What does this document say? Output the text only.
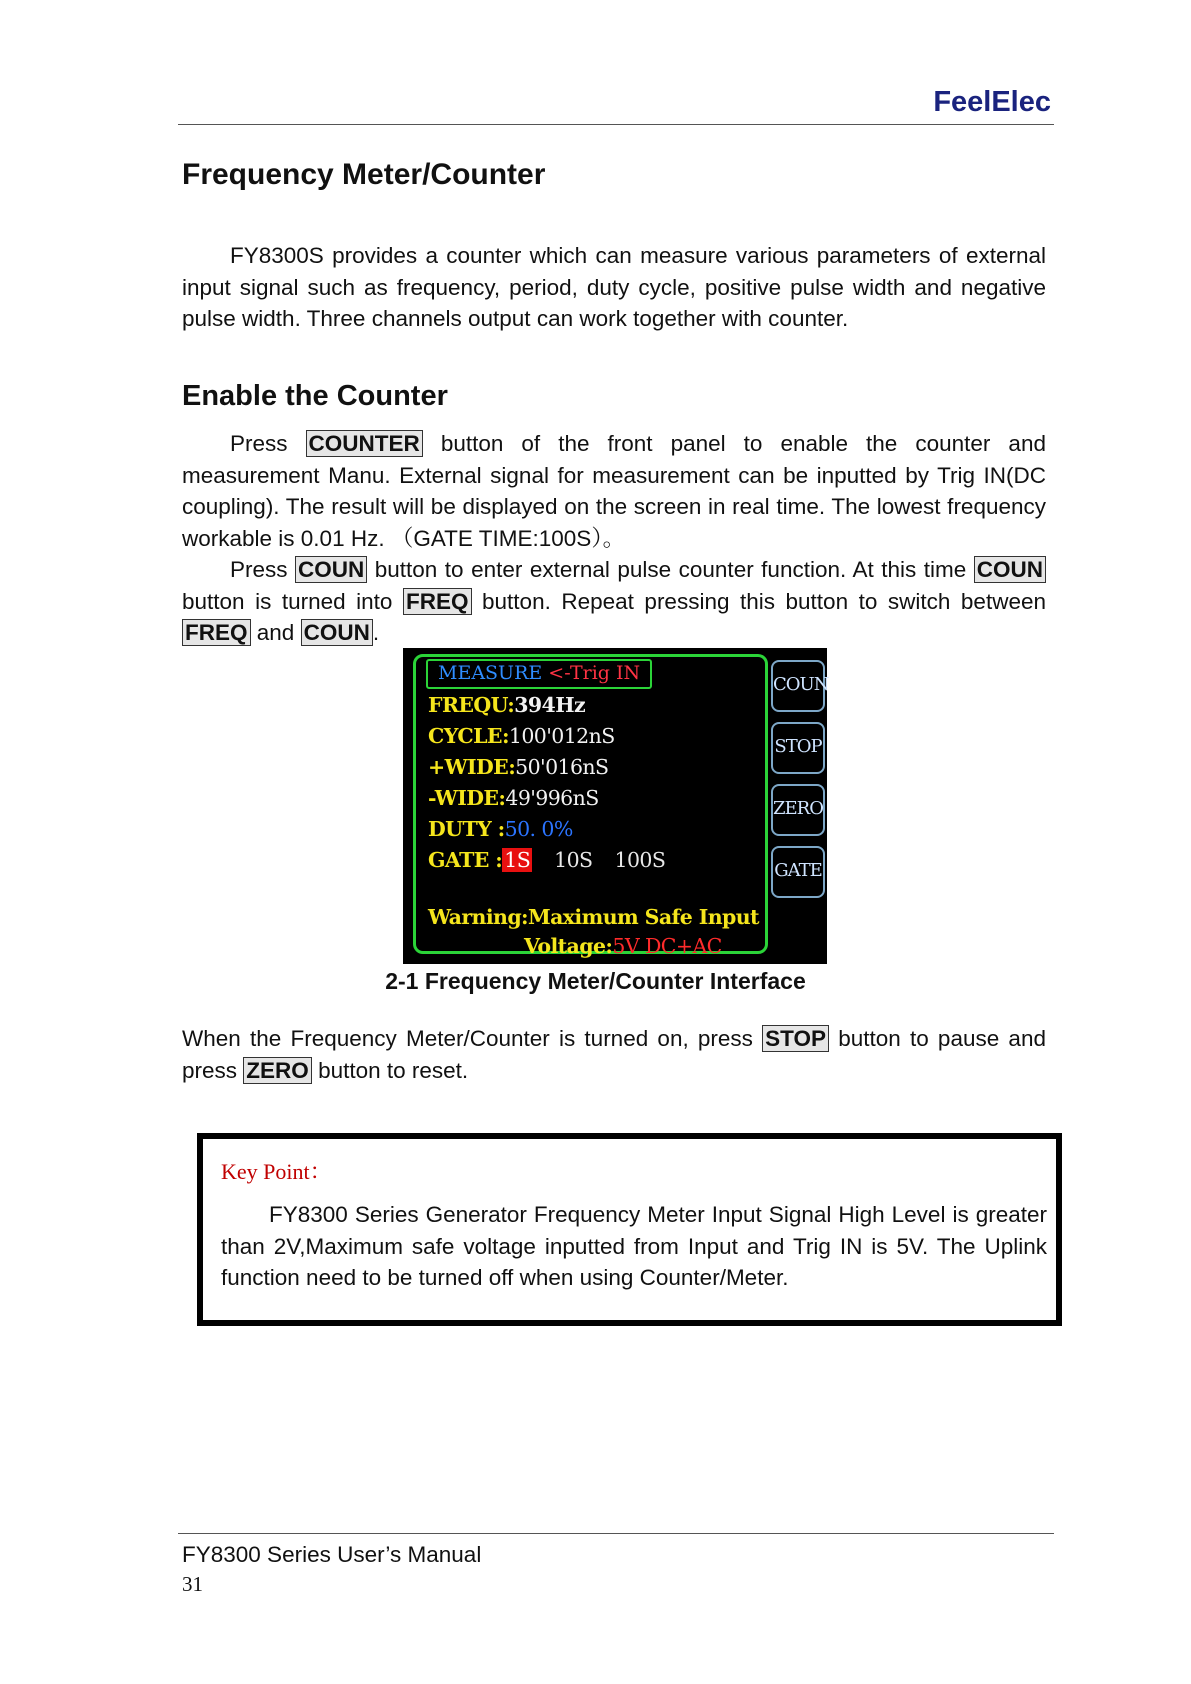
FeelElec
Frequency Meter/Counter

FY8300S provides a counter which can measure various parameters of external input signal such as frequency, period, duty cycle, positive pulse width and negative pulse width. Three channels output can work together with counter.

Enable the Counter

Press COUNTER button of the front panel to enable the counter and measurement Manu. External signal for measurement can be inputted by Trig IN(DC coupling). The result will be displayed on the screen in real time. The lowest frequency workable is 0.01 Hz. （GATE TIME:100S）。
Press COUN button to enter external pulse counter function. At this time COUN button is turned into FREQ button. Repeat pressing this button to switch between FREQ and COUN .

MEASURE <-Trig IN
FREQU:394Hz
CYCLE:100'012nS
+WIDE:50'016nS
-WIDE:49'996nS
DUTY :50. 0%
GATE :1S 10S 100S
Warning:Maximum Safe Input
Voltage:5V DC+AC
COUN
STOP
ZERO
GATE
2-1 Frequency Meter/Counter Interface

When the Frequency Meter/Counter is turned on, press STOP button to pause and press ZERO button to reset.

Key Point：

FY8300 Series Generator Frequency Meter Input Signal High Level is greater than 2V,Maximum safe voltage inputted from Input and Trig IN is 5V. The Uplink function need to be turned off when using Counter/Meter.

FY8300 Series User’s Manual
31
